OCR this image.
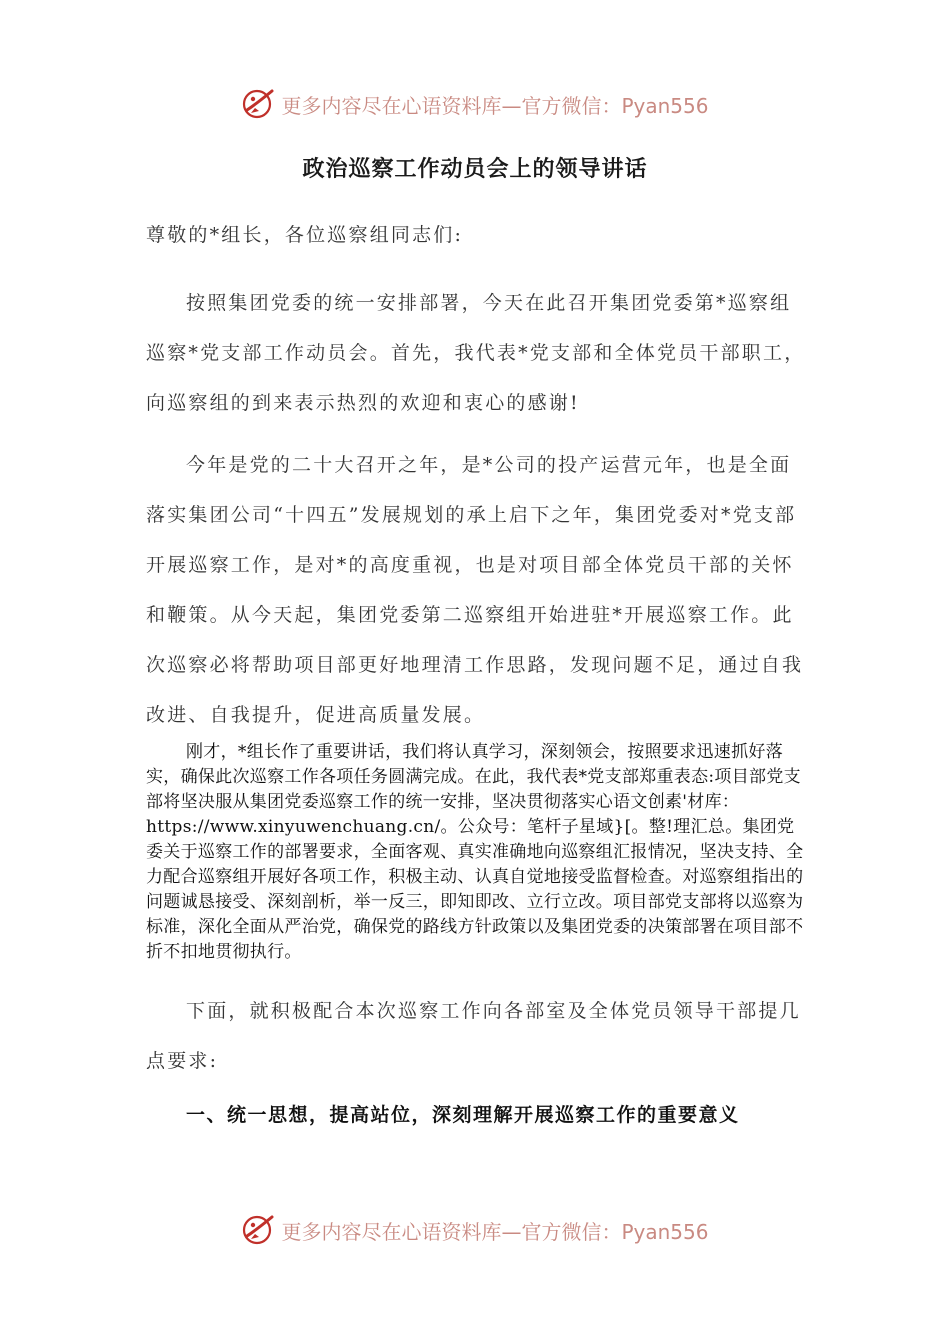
更多内容尽在心语资料库 —官方微信：Pyan556
政治巡察工作动员会上的领导讲话

尊敬的*组长，各位巡察组同志们:

按照集团党委的统一安排部署，今天在此召开集团党委第*巡察组巡察*党支部工作动员会。首先，我代表*党支部和全体党员干部职工，向巡察组的到来表示热烈的欢迎和衷心的感谢!

今年是党的二十大召开之年，是*公司的投产运营元年，也是全面落实集团公司“十四五”发展规划的承上启下之年，集团党委对*党支部开展巡察工作，是对*的高度重视，也是对项目部全体党员干部的关怀和鞭策。从今天起，集团党委第二巡察组开始进驻*开展巡察工作。此次巡察必将帮助项目部更好地理清工作思路，发现问题不足，通过自我改进、自我提升，促进高质量发展。

刚才，*组长作了重要讲话，我们将认真学习，深刻领会，按照要求迅速抓好落实，确保此次巡察工作各项任务圆满完成。在此，我代表*党支部郑重表态:项目部党支部将坚决服从集团党委巡察工作的统一安排，坚决贯彻落实心语文创素'材库：https://www.xinyuwenchuang.cn/。公众号：笔杆子星域}[。整!理汇总。集团党委关于巡察工作的部署要求，全面客观、真实准确地向巡察组汇报情况，坚决支持、全力配合巡察组开展好各项工作，积极主动、认真自觉地接受监督检查。对巡察组指出的问题诚恳接受、深刻剖析，举一反三，即知即改、立行立改。项目部党支部将以巡察为标准，深化全面从严治党，确保党的路线方针政策以及集团党委的决策部署在项目部不折不扣地贯彻执行。

下面，就积极配合本次巡察工作向各部室及全体党员领导干部提几点要求:

一、统一思想，提高站位，深刻理解开展巡察工作的重要意义
更多内容尽在心语资料库 —官方微信：Pyan556
